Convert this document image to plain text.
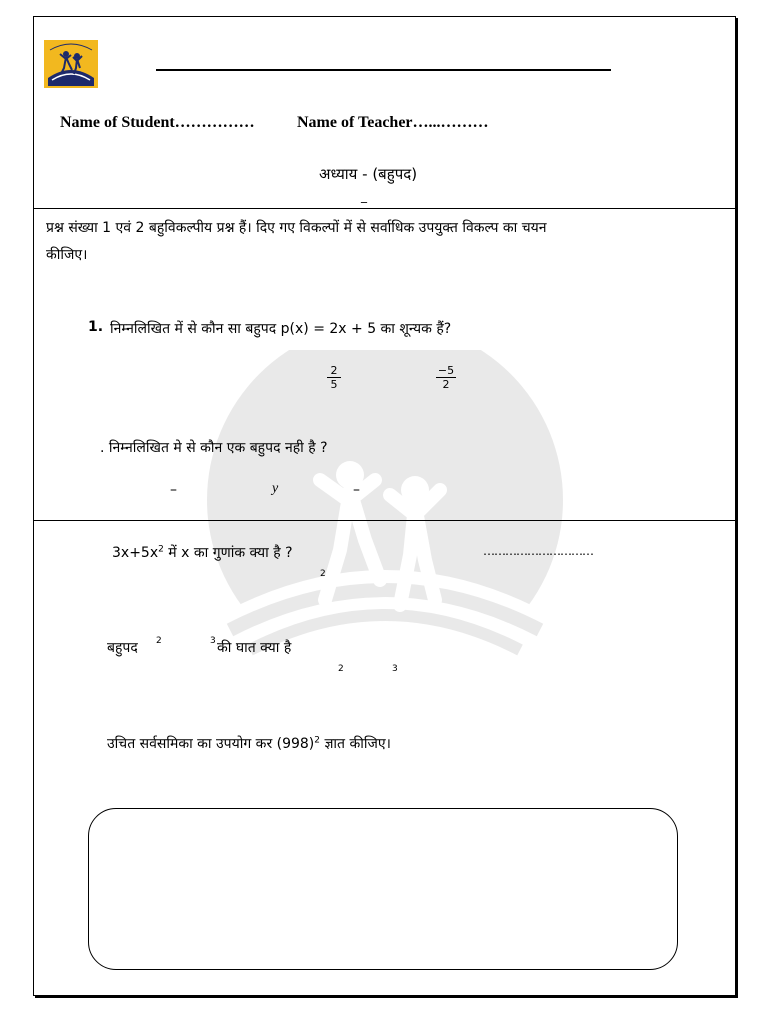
Name of Student……………	Name of Teacher…...………
अध्याय - (बहुपद)
_
प्रश्न संख्या 1 एवं 2 बहुविकल्पीय प्रश्न हैं। दिए गए विकल्पों में से सर्वाधिक उपयुक्त विकल्प का चयन
कीजिए।
1. निम्नलिखित में से कौन सा बहुपद p(x) = 2x + 5 का शून्यक हैं?
$\frac{2}{5}$	$\frac{-5}{2}$
. निम्नलिखित मे से कौन एक बहुपद नही है ?
–	y	–
$3x+5x^2$ में x का गुणांक क्या है ?	…………………………
2
बहुपद 2	3 की घात क्या है
2	3
उचित सर्वसमिका का उपयोग कर $(998)^2$ ज्ञात कीजिए।
